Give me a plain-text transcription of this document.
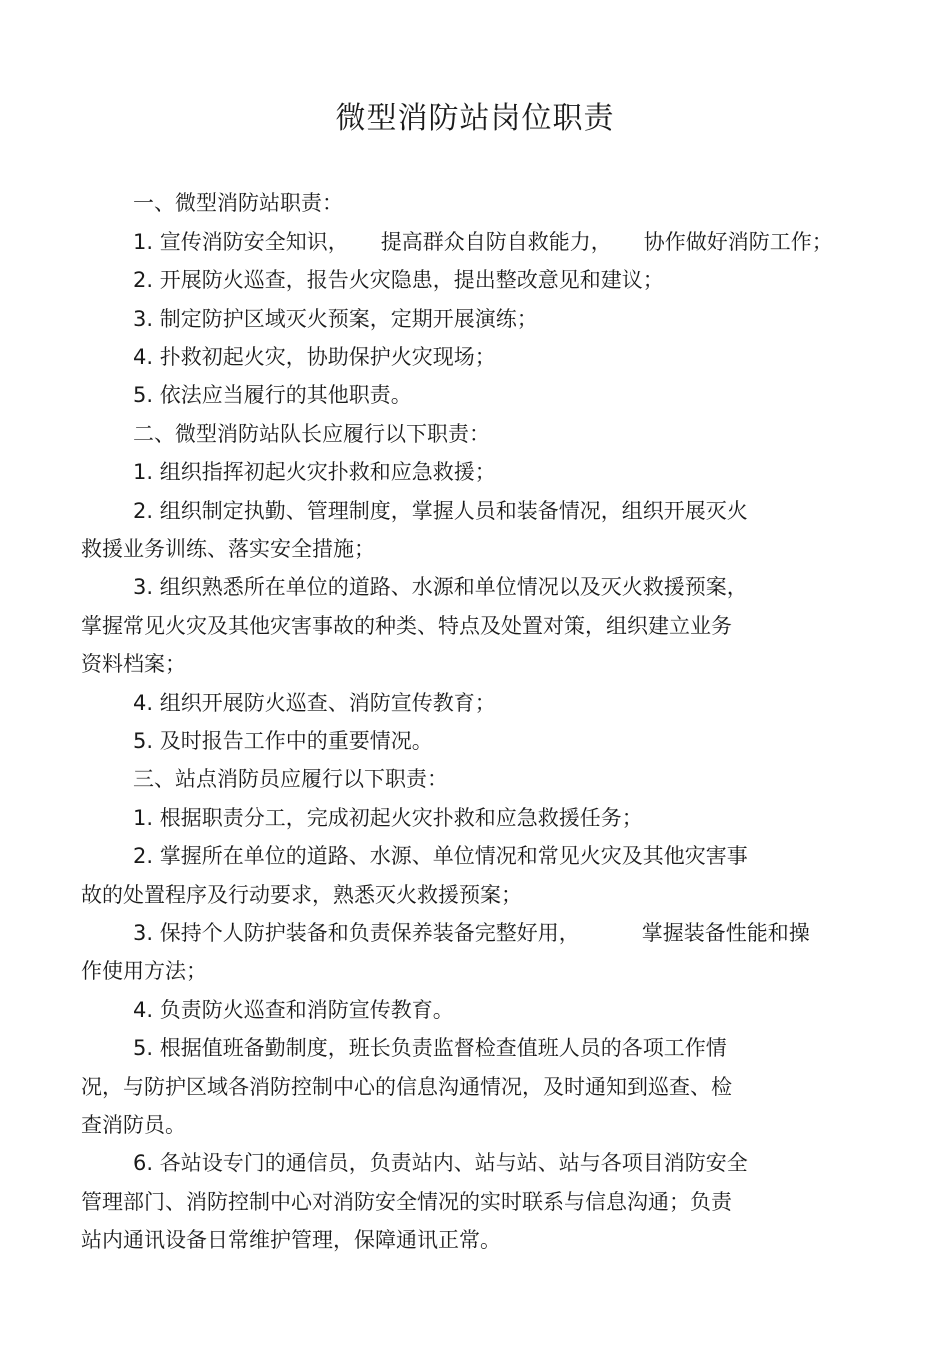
微型消防站岗位职责

一、微型消防站职责：

1. 宣传消防安全知识， 提高群众自防自救能力， 协作做好消防工作；

2. 开展防火巡查，报告火灾隐患，提出整改意见和建议；

3. 制定防护区域灭火预案，定期开展演练；

4. 扑救初起火灾，协助保护火灾现场；

5. 依法应当履行的其他职责。

二、微型消防站队长应履行以下职责：

1. 组织指挥初起火灾扑救和应急救援；

2. 组织制定执勤、管理制度，掌握人员和装备情况，组织开展灭火

救援业务训练、落实安全措施；

3. 组织熟悉所在单位的道路、水源和单位情况以及灭火救援预案，

掌握常见火灾及其他灾害事故的种类、特点及处置对策，组织建立业务

资料档案；

4. 组织开展防火巡查、消防宣传教育；

5. 及时报告工作中的重要情况。

三、站点消防员应履行以下职责：

1. 根据职责分工，完成初起火灾扑救和应急救援任务；

2. 掌握所在单位的道路、水源、单位情况和常见火灾及其他灾害事

故的处置程序及行动要求，熟悉灭火救援预案；

3. 保持个人防护装备和负责保养装备完整好用，	掌握装备性能和操

作使用方法；

4. 负责防火巡查和消防宣传教育。

5. 根据值班备勤制度，班长负责监督检查值班人员的各项工作情

况，与防护区域各消防控制中心的信息沟通情况，及时通知到巡查、检

查消防员。

6. 各站设专门的通信员，负责站内、站与站、站与各项目消防安全

管理部门、消防控制中心对消防安全情况的实时联系与信息沟通；负责

站内通讯设备日常维护管理，保障通讯正常。
